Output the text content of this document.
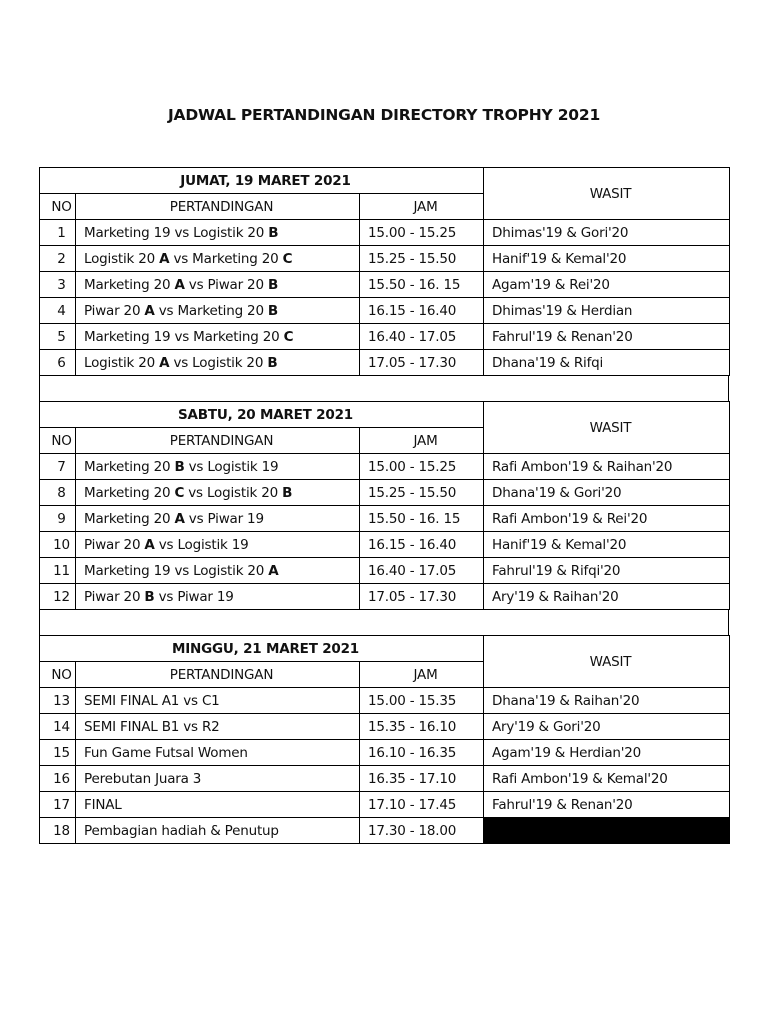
JADWAL PERTANDINGAN DIRECTORY TROPHY 2021
JUMAT, 19 MARET 2021			WASIT
NO	PERTANDINGAN	JAM	
1	Marketing 19 vs Logistik 20 B	15.00 - 15.25	Dhimas'19 & Gori'20
2	Logistik 20 A vs Marketing 20 C	15.25 - 15.50	Hanif'19 & Kemal'20
3	Marketing 20 A vs Piwar 20 B	15.50 - 16. 15	Agam'19 & Rei'20
4	Piwar 20 A vs Marketing 20 B	16.15 - 16.40	Dhimas'19 & Herdian
5	Marketing 19 vs Marketing 20 C	16.40 - 17.05	Fahrul'19 & Renan'20
6	Logistik 20 A vs Logistik 20 B	17.05 - 17.30	Dhana'19 & Rifqi
SABTU, 20 MARET 2021			WASIT
NO	PERTANDINGAN	JAM	
7	Marketing 20 B vs Logistik 19	15.00 - 15.25	Rafi Ambon'19 & Raihan'20
8	Marketing 20 C vs Logistik 20 B	15.25 - 15.50	Dhana'19 & Gori'20
9	Marketing 20 A vs Piwar 19	15.50 - 16. 15	Rafi Ambon'19 & Rei'20
10	Piwar 20 A vs Logistik 19	16.15 - 16.40	Hanif'19 & Kemal'20
11	Marketing 19 vs Logistik 20 A	16.40 - 17.05	Fahrul'19 & Rifqi'20
12	Piwar 20 B vs Piwar 19	17.05 - 17.30	Ary'19 & Raihan'20
MINGGU, 21 MARET 2021			WASIT
NO	PERTANDINGAN	JAM	
13	SEMI FINAL A1 vs C1	15.00 - 15.35	Dhana'19 & Raihan'20
14	SEMI FINAL B1 vs R2	15.35 - 16.10	Ary'19 & Gori'20
15	Fun Game Futsal Women	16.10 - 16.35	Agam'19 & Herdian'20
16	Perebutan Juara 3	16.35 - 17.10	Rafi Ambon'19 & Kemal'20
17	FINAL	17.10 - 17.45	Fahrul'19 & Renan'20
18	Pembagian hadiah & Penutup	17.30 - 18.00	
